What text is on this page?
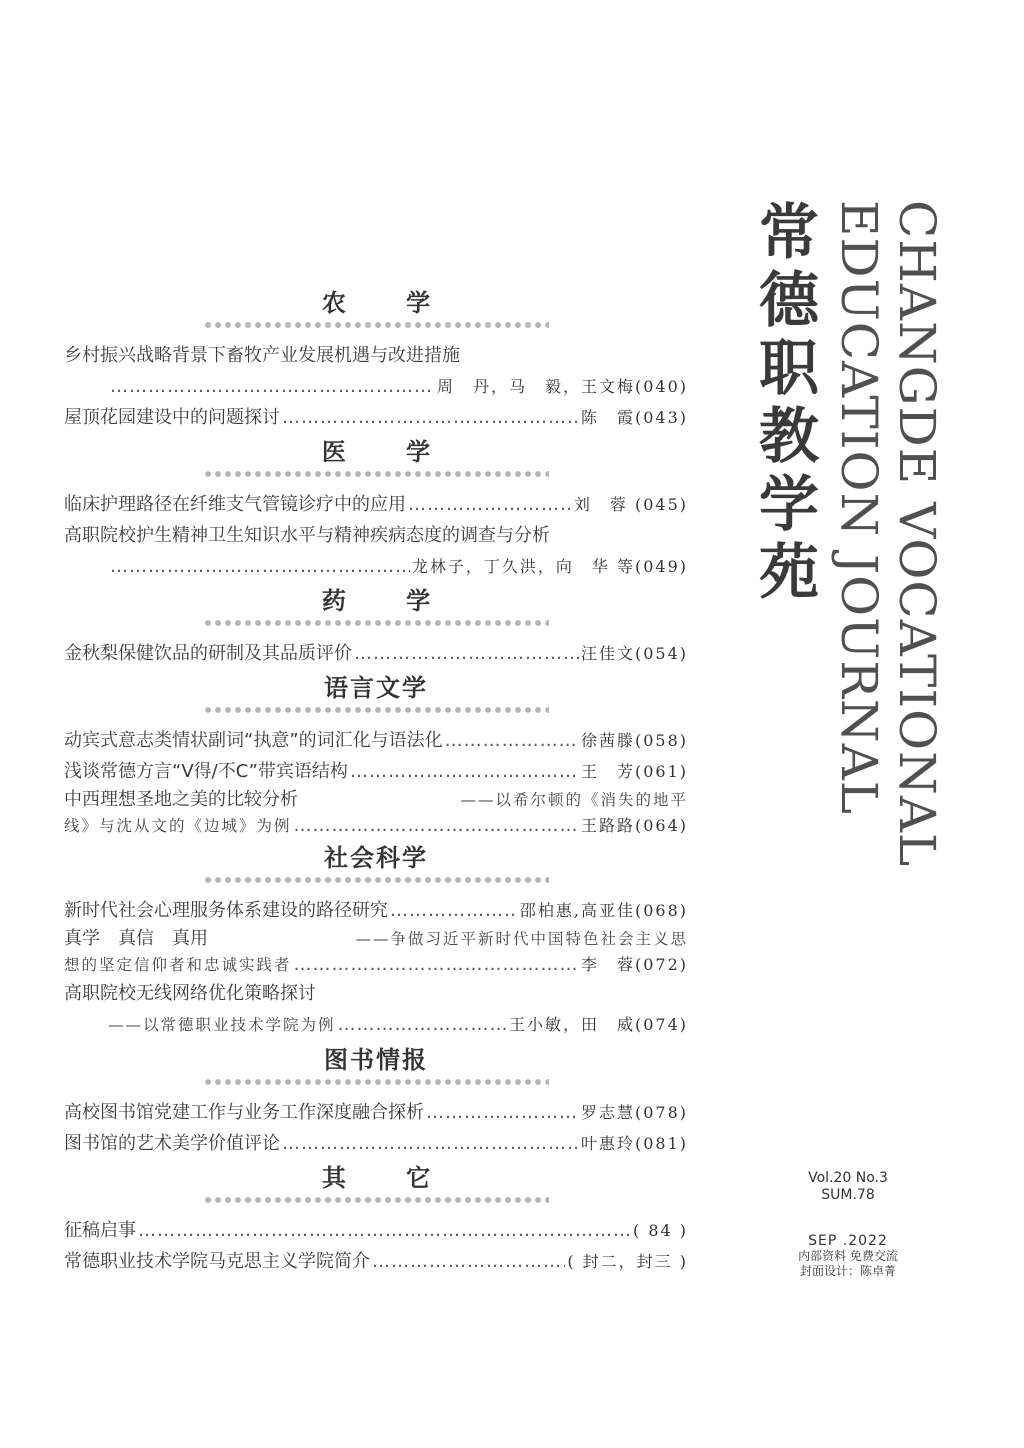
农 学
乡村振兴战略背景下畜牧产业发展机遇与改进措施
……………………………………………………………………………………………………………………………………………………
周　丹，马　毅，王文梅(040)
屋顶花园建设中的问题探讨 ……………………………………………………………………………………………………………………………………………………	陈　霞(043)
医 学
临床护理路径在纤维支气管镜诊疗中的应用 ……………………………………………………………………………………………………………………………………………………	刘　蓉 (045)
高职院校护生精神卫生知识水平与精神疾病态度的调查与分析
……………………………………………………………………………………………………………………………………………………
龙林子，丁久洪，向　华 等(049)
药 学
金秋梨保健饮品的研制及其品质评价 ……………………………………………………………………………………………………………………………………………………	汪佳文(054)
语言文学
动宾式意志类情状副词“执意”的词汇化与语法化 ……………………………………………………………………………………………………………………………………………………	徐茜滕(058)
浅谈常德方言“V得/不C”带宾语结构 ……………………………………………………………………………………………………………………………………………………	王　芳(061)
中西理想圣地之美的比较分析	——以希尔顿的《消失的地平
线》与沈从文的《边城》为例 ……………………………………………………………………………………………………………………………………………………	王路路(064)
社会科学
新时代社会心理服务体系建设的路径研究 ……………………………………………………………………………………………………………………………………………………	邵柏惠,高亚佳(068)
真学　真信　真用	——争做习近平新时代中国特色社会主义思
想的坚定信仰者和忠诚实践者 ……………………………………………………………………………………………………………………………………………………	李　蓉(072)
高职院校无线网络优化策略探讨
——以常德职业技术学院为例 ……………………………………………………………………………………………………………………………………………………	王小敏，田　威(074)
图书情报
高校图书馆党建工作与业务工作深度融合探析 ……………………………………………………………………………………………………………………………………………………	罗志慧(078)
图书馆的艺术美学价值评论 ……………………………………………………………………………………………………………………………………………………	叶惠玲(081)
其 它
征稿启事 ……………………………………………………………………………………………………………………………………………………	( 84 )
常德职业技术学院马克思主义学院简介 ……………………………………………………………………………………………………………………………………………………	( 封二，封三 )
常德职教学苑 CHANGDE VOCATIONAL
EDUCATION JOURNAL
Vol.20 No.3
SUM.78
SEP .2022
内部资料 免费交流
封面设计：陈卓菁
